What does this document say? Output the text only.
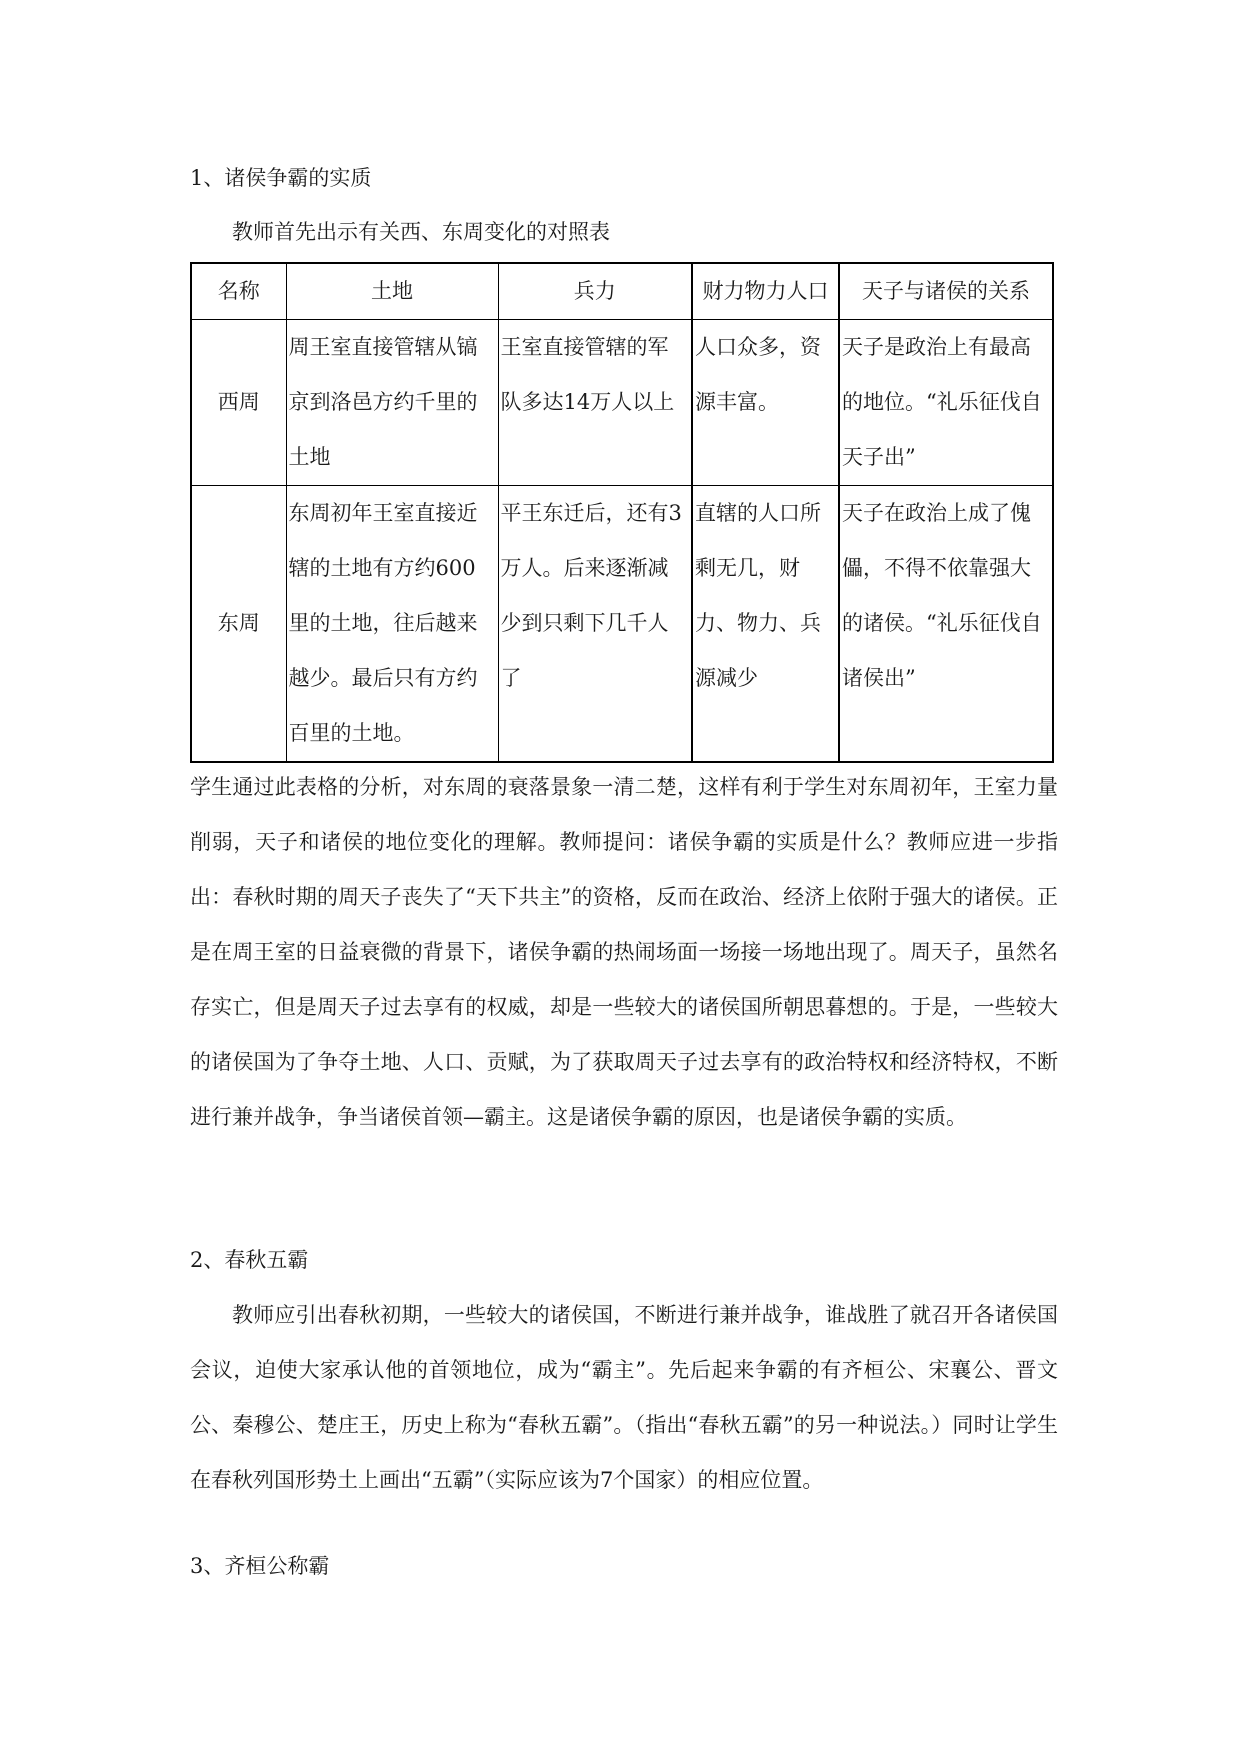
1、诸侯争霸的实质
教师首先出示有关西、东周变化的对照表
名称	土地	兵力	财力物力人口	天子与诸侯的关系
西周	周王室直接管辖从镐京到洛邑方约千里的土地	王室直接管辖的军队多达14万人以上	人口众多，资源丰富。	天子是政治上有最高的地位。“礼乐征伐自天子出”
东周	东周初年王室直接近辖的土地有方约600里的土地，往后越来越少。最后只有方约百里的土地。	平王东迁后，还有3万人。后来逐渐减少到只剩下几千人了	直辖的人口所剩无几，财力、物力、兵源减少	天子在政治上成了傀儡，不得不依靠强大的诸侯。“礼乐征伐自诸侯出”
学生通过此表格的分析，对东周的衰落景象一清二楚，这样有利于学生对东周初年，王室力量削弱，天子和诸侯的地位变化的理解。教师提问：诸侯争霸的实质是什么？教师应进一步指出：春秋时期的周天子丧失了“天下共主”的资格，反而在政治、经济上依附于强大的诸侯。正是在周王室的日益衰微的背景下，诸侯争霸的热闹场面一场接一场地出现了。周天子，虽然名存实亡，但是周天子过去享有的权威，却是一些较大的诸侯国所朝思暮想的。于是，一些较大的诸侯国为了争夺土地、人口、贡赋，为了获取周天子过去享有的政治特权和经济特权，不断进行兼并战争，争当诸侯首领—霸主。这是诸侯争霸的原因，也是诸侯争霸的实质。
2、春秋五霸
教师应引出春秋初期，一些较大的诸侯国，不断进行兼并战争，谁战胜了就召开各诸侯国会议，迫使大家承认他的首领地位，成为“霸主”。先后起来争霸的有齐桓公、宋襄公、晋文公、秦穆公、楚庄王，历史上称为“春秋五霸”。（指出“春秋五霸”的另一种说法。）同时让学生在春秋列国形势土上画出“五霸”（实际应该为7个国家）的相应位置。
3、齐桓公称霸
